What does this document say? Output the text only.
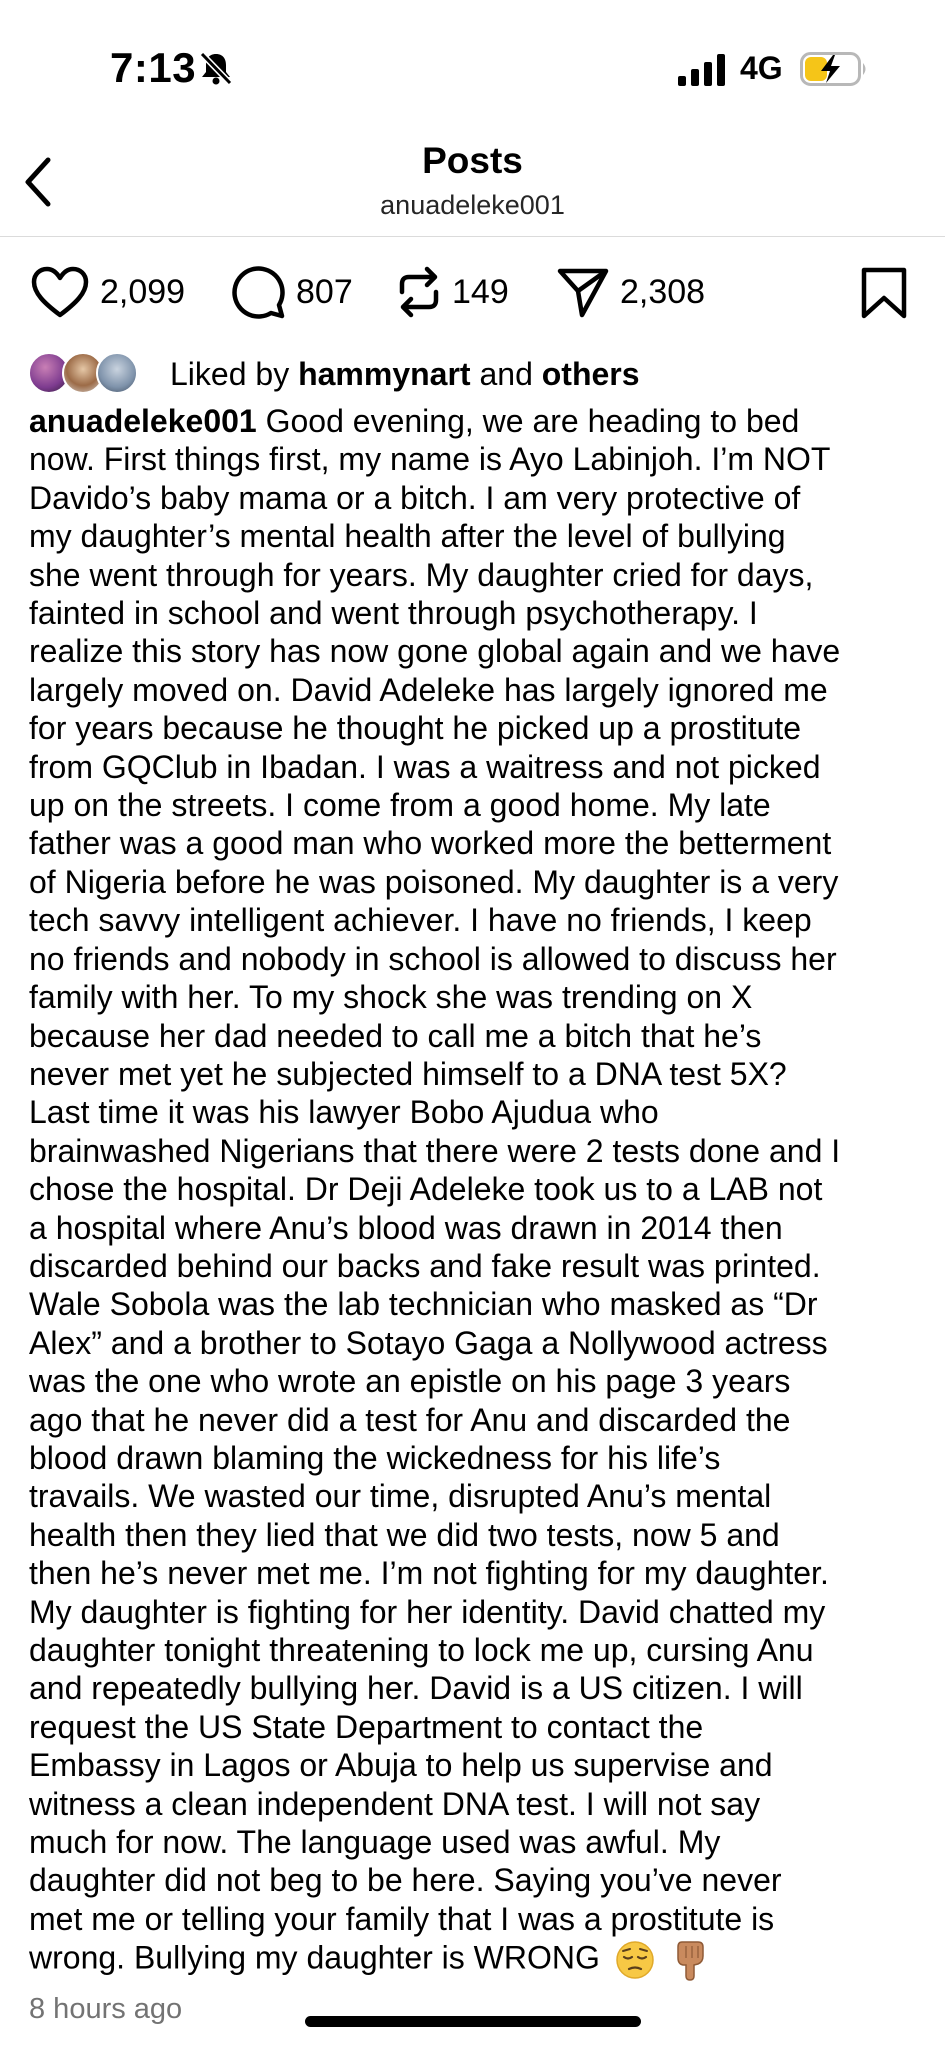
7:13	4G
Posts
anuadeleke001
2,099	807	149	2,308
Liked by hammynart and others
anuadeleke001 Good evening, we are heading to bed
now. First things first, my name is Ayo Labinjoh. I’m NOT
Davido’s baby mama or a bitch. I am very protective of
my daughter’s mental health after the level of bullying
she went through for years. My daughter cried for days,
fainted in school and went through psychotherapy. I
realize this story has now gone global again and we have
largely moved on. David Adeleke has largely ignored me
for years because he thought he picked up a prostitute
from GQClub in Ibadan. I was a waitress and not picked
up on the streets. I come from a good home. My late
father was a good man who worked more the betterment
of Nigeria before he was poisoned. My daughter is a very
tech savvy intelligent achiever. I have no friends, I keep
no friends and nobody in school is allowed to discuss her
family with her. To my shock she was trending on X
because her dad needed to call me a bitch that he’s
never met yet he subjected himself to a DNA test 5X?
Last time it was his lawyer Bobo Ajudua who
brainwashed Nigerians that there were 2 tests done and I
chose the hospital. Dr Deji Adeleke took us to a LAB not
a hospital where Anu’s blood was drawn in 2014 then
discarded behind our backs and fake result was printed.
Wale Sobola was the lab technician who masked as “Dr
Alex” and a brother to Sotayo Gaga a Nollywood actress
was the one who wrote an epistle on his page 3 years
ago that he never did a test for Anu and discarded the
blood drawn blaming the wickedness for his life’s
travails. We wasted our time, disrupted Anu’s mental
health then they lied that we did two tests, now 5 and
then he’s never met me. I’m not fighting for my daughter.
My daughter is fighting for her identity. David chatted my
daughter tonight threatening to lock me up, cursing Anu
and repeatedly bullying her. David is a US citizen. I will
request the US State Department to contact the
Embassy in Lagos or Abuja to help us supervise and
witness a clean independent DNA test. I will not say
much for now. The language used was awful. My
daughter did not beg to be here. Saying you’ve never
met me or telling your family that I was a prostitute is
wrong. Bullying my daughter is WRONG
8 hours ago
